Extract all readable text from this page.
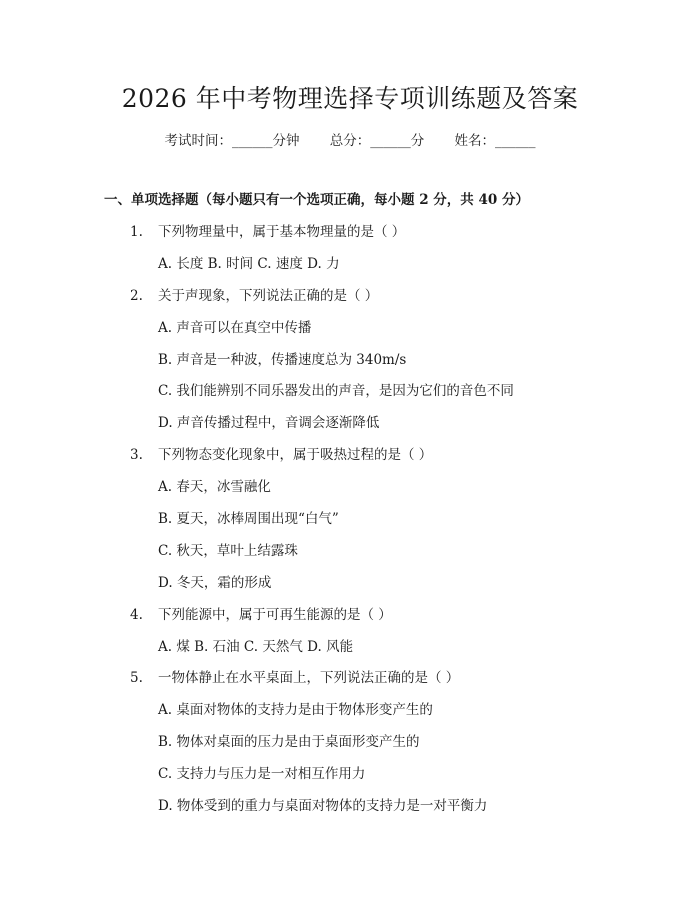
2026 年中考物理选择专项训练题及答案
考试时间：______分钟 总分：______分 姓名：______
一、单项选择题（每小题只有一个选项正确，每小题 2 分，共 40 分）
1. 下列物理量中，属于基本物理量的是（ ）
A. 长度 B. 时间 C. 速度 D. 力
2. 关于声现象，下列说法正确的是（ ）
A. 声音可以在真空中传播
B. 声音是一种波，传播速度总为 340m/s
C. 我们能辨别不同乐器发出的声音，是因为它们的音色不同
D. 声音传播过程中，音调会逐渐降低
3. 下列物态变化现象中，属于吸热过程的是（ ）
A. 春天，冰雪融化
B. 夏天，冰棒周围出现“白气”
C. 秋天，草叶上结露珠
D. 冬天，霜的形成
4. 下列能源中，属于可再生能源的是（ ）
A. 煤 B. 石油 C. 天然气 D. 风能
5. 一物体静止在水平桌面上，下列说法正确的是（ ）
A. 桌面对物体的支持力是由于物体形变产生的
B. 物体对桌面的压力是由于桌面形变产生的
C. 支持力与压力是一对相互作用力
D. 物体受到的重力与桌面对物体的支持力是一对平衡力
